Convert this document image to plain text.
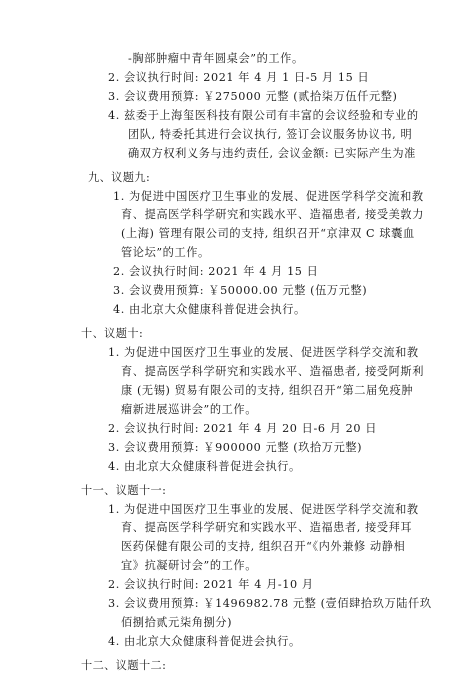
-胸部肿瘤中青年圆桌会”的工作。
2. 会议执行时间: 2021 年 4 月 1 日-5 月 15 日
3. 会议费用预算: ￥275000 元整 (贰拾柒万伍仟元整)
4. 兹委于上海玺医科技有限公司有丰富的会议经验和专业的
团队, 特委托其进行会议执行, 签订会议服务协议书, 明
确双方权利义务与违约责任, 会议金额: 已实际产生为准
九、议题九:
1. 为促进中国医疗卫生事业的发展、促进医学科学交流和教
育、提高医学科学研究和实践水平、造福患者, 接受美敦力
(上海) 管理有限公司的支持, 组织召开“京津双 C 球囊血
管论坛”的工作。
2. 会议执行时间: 2021 年 4 月 15 日
3. 会议费用预算: ￥50000.00 元整 (伍万元整)
4. 由北京大众健康科普促进会执行。
十、议题十:
1. 为促进中国医疗卫生事业的发展、促进医学科学交流和教
育、提高医学科学研究和实践水平、造福患者, 接受阿斯利
康 (无锡) 贸易有限公司的支持, 组织召开“第二届免疫肿
瘤新进展巡讲会”的工作。
2. 会议执行时间: 2021 年 4 月 20 日-6 月 20 日
3. 会议费用预算: ￥900000 元整 (玖拾万元整)
4. 由北京大众健康科普促进会执行。
十一、议题十一:
1. 为促进中国医疗卫生事业的发展、促进医学科学交流和教
育、提高医学科学研究和实践水平、造福患者, 接受拜耳
医药保健有限公司的支持, 组织召开“《内外兼修 动静相
宜》抗凝研讨会”的工作。
2. 会议执行时间: 2021 年 4 月-10 月
3. 会议费用预算: ￥1496982.78 元整 (壹佰肆拾玖万陆仟玖
佰捌拾贰元柒角捌分)
4. 由北京大众健康科普促进会执行。
十二、议题十二:
